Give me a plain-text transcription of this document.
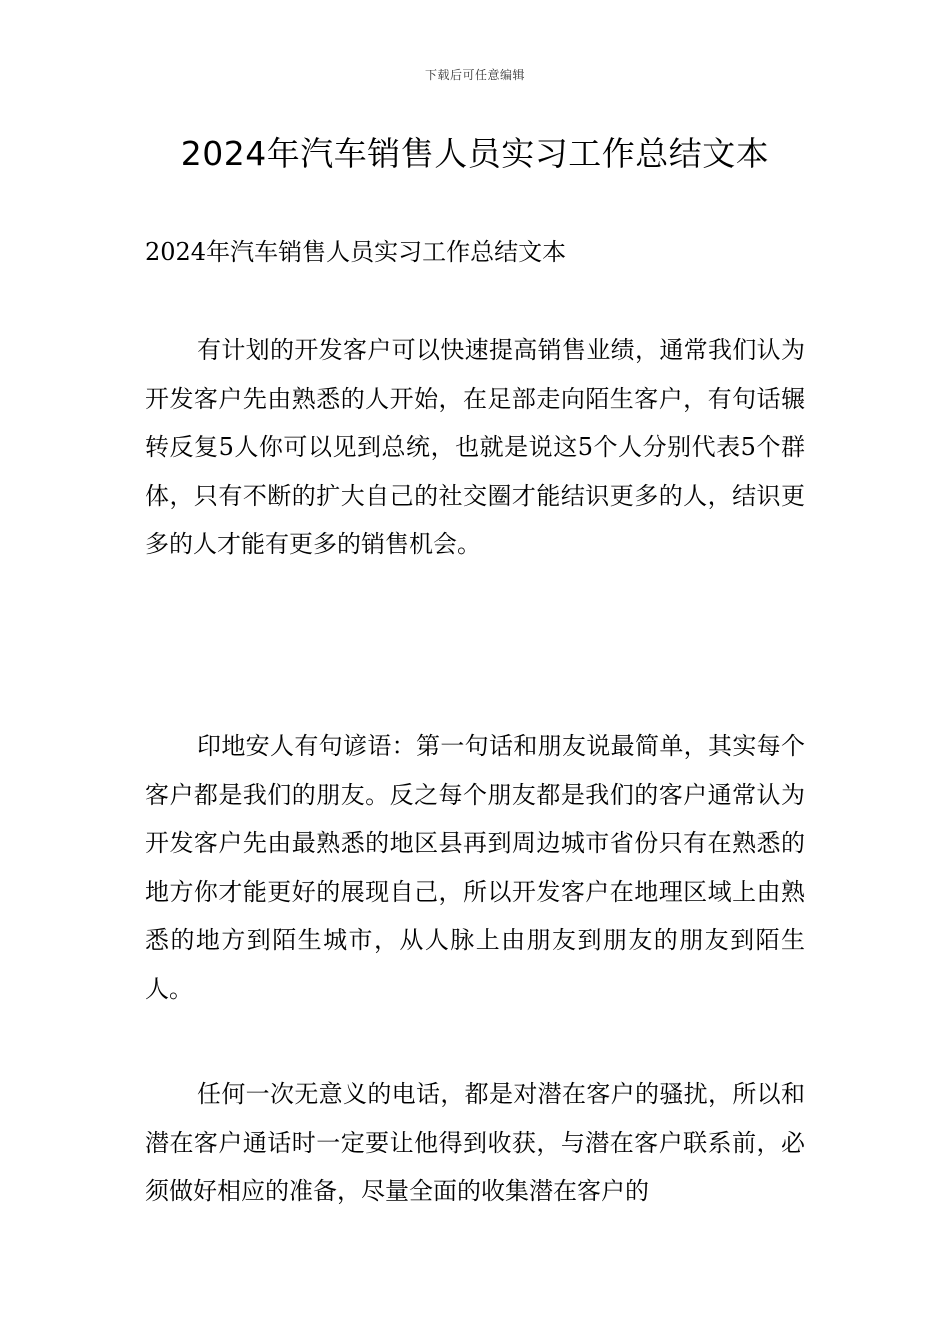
下载后可任意编辑
2024年汽车销售人员实习工作总结文本

2024年汽车销售人员实习工作总结文本

有计划的开发客户可以快速提高销售业绩，通常我们认为开发客户先由熟悉的人开始，在足部走向陌生客户，有句话辗转反复5人你可以见到总统，也就是说这5个人分别代表5个群体，只有不断的扩大自己的社交圈才能结识更多的人，结识更多的人才能有更多的销售机会。

印地安人有句谚语：第一句话和朋友说最简单，其实每个客户都是我们的朋友。反之每个朋友都是我们的客户通常认为开发客户先由最熟悉的地区县再到周边城市省份只有在熟悉的地方你才能更好的展现自己，所以开发客户在地理区域上由熟悉的地方到陌生城市，从人脉上由朋友到朋友的朋友到陌生人。

任何一次无意义的电话，都是对潜在客户的骚扰，所以和潜在客户通话时一定要让他得到收获，与潜在客户联系前，必须做好相应的准备，尽量全面的收集潜在客户的
